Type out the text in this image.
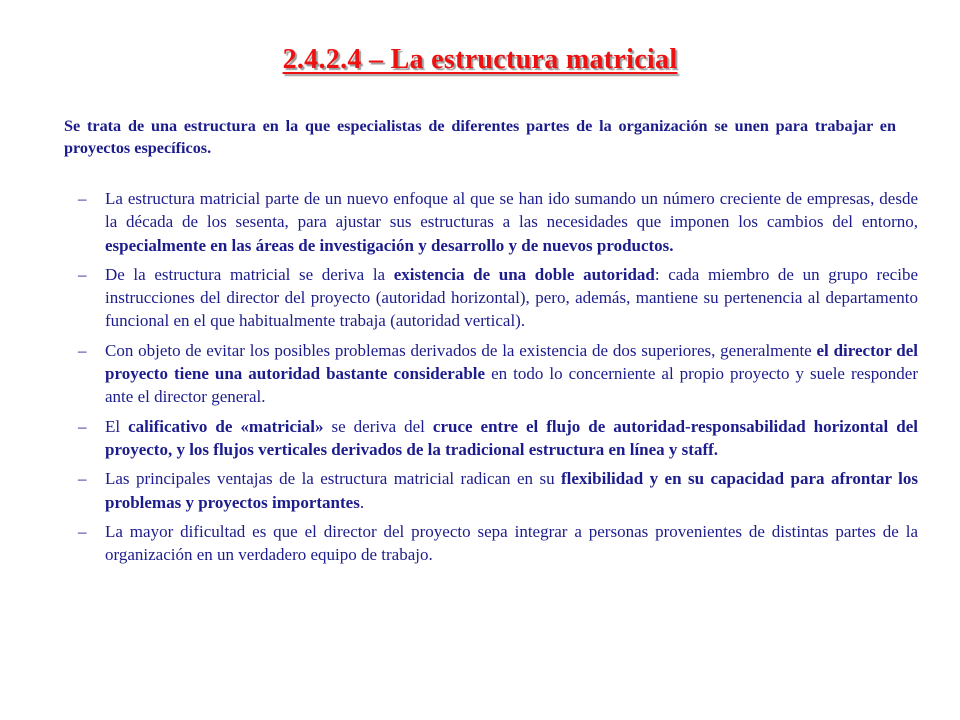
2.4.2.4 – La estructura matricial

Se trata de una estructura en la que especialistas de diferentes partes de la organización se unen para trabajar en proyectos específicos.

– La estructura matricial parte de un nuevo enfoque al que se han ido sumando un número creciente de empresas, desde la década de los sesenta, para ajustar sus estructuras a las necesidades que imponen los cambios del entorno, especialmente en las áreas de investigación y desarrollo y de nuevos productos.
– De la estructura matricial se deriva la existencia de una doble autoridad: cada miembro de un grupo recibe instrucciones del director del proyecto (autoridad horizontal), pero, además, mantiene su pertenencia al departamento funcional en el que habitualmente trabaja (autoridad vertical).
– Con objeto de evitar los posibles problemas derivados de la existencia de dos superiores, generalmente el director del proyecto tiene una autoridad bastante considerable en todo lo concerniente al propio proyecto y suele responder ante el director general.
– El calificativo de «matricial» se deriva del cruce entre el flujo de autoridad-responsabilidad horizontal del proyecto, y los flujos verticales derivados de la tradicional estructura en línea y staff.
– Las principales ventajas de la estructura matricial radican en su flexibilidad y en su capacidad para afrontar los problemas y proyectos importantes.
– La mayor dificultad es que el director del proyecto sepa integrar a personas provenientes de distintas partes de la organización en un verdadero equipo de trabajo.
